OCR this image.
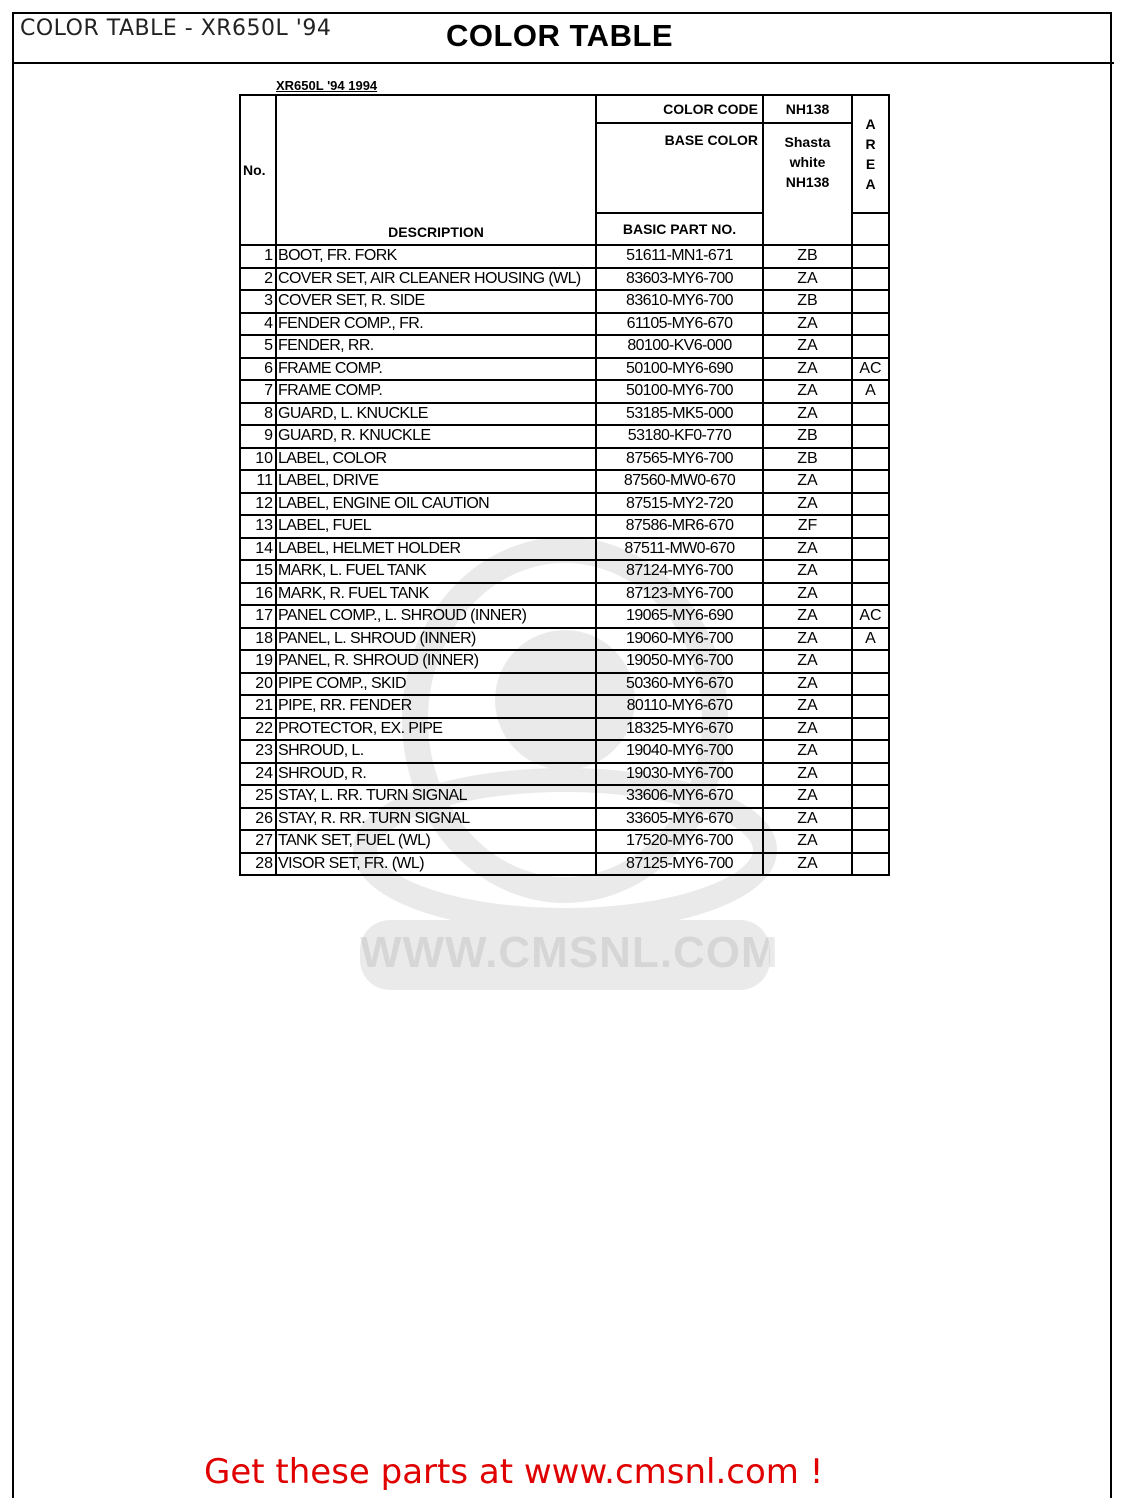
COLOR TABLE - XR650L '94	COLOR TABLE
WWW.CMSNL.COM
XR650L '94 1994
No.	DESCRIPTION	COLOR CODE	NH138	A
R
E
A

		BASE COLOR	Shasta
white
NH138	

		BASIC PART NO.		
1	BOOT, FR. FORK	51611-MN1-671	ZB	
2	COVER SET, AIR CLEANER HOUSING (WL)	83603-MY6-700	ZA	
3	COVER SET, R. SIDE	83610-MY6-700	ZB	
4	FENDER COMP., FR.	61105-MY6-670	ZA	
5	FENDER, RR.	80100-KV6-000	ZA	
6	FRAME COMP.	50100-MY6-690	ZA	AC
7	FRAME COMP.	50100-MY6-700	ZA	A
8	GUARD, L. KNUCKLE	53185-MK5-000	ZA	
9	GUARD, R. KNUCKLE	53180-KF0-770	ZB	
10	LABEL, COLOR	87565-MY6-700	ZB	
11	LABEL, DRIVE	87560-MW0-670	ZA	
12	LABEL, ENGINE OIL CAUTION	87515-MY2-720	ZA	
13	LABEL, FUEL	87586-MR6-670	ZF	
14	LABEL, HELMET HOLDER	87511-MW0-670	ZA	
15	MARK, L. FUEL TANK	87124-MY6-700	ZA	
16	MARK, R. FUEL TANK	87123-MY6-700	ZA	
17	PANEL COMP., L. SHROUD (INNER)	19065-MY6-690	ZA	AC
18	PANEL, L. SHROUD (INNER)	19060-MY6-700	ZA	A
19	PANEL, R. SHROUD (INNER)	19050-MY6-700	ZA	
20	PIPE COMP., SKID	50360-MY6-670	ZA	
21	PIPE, RR. FENDER	80110-MY6-670	ZA	
22	PROTECTOR, EX. PIPE	18325-MY6-670	ZA	
23	SHROUD, L.	19040-MY6-700	ZA	
24	SHROUD, R.	19030-MY6-700	ZA	
25	STAY, L. RR. TURN SIGNAL	33606-MY6-670	ZA	
26	STAY, R. RR. TURN SIGNAL	33605-MY6-670	ZA	
27	TANK SET, FUEL (WL)	17520-MY6-700	ZA	
28	VISOR SET, FR. (WL)	87125-MY6-700	ZA	
Get these parts at www.cmsnl.com !
